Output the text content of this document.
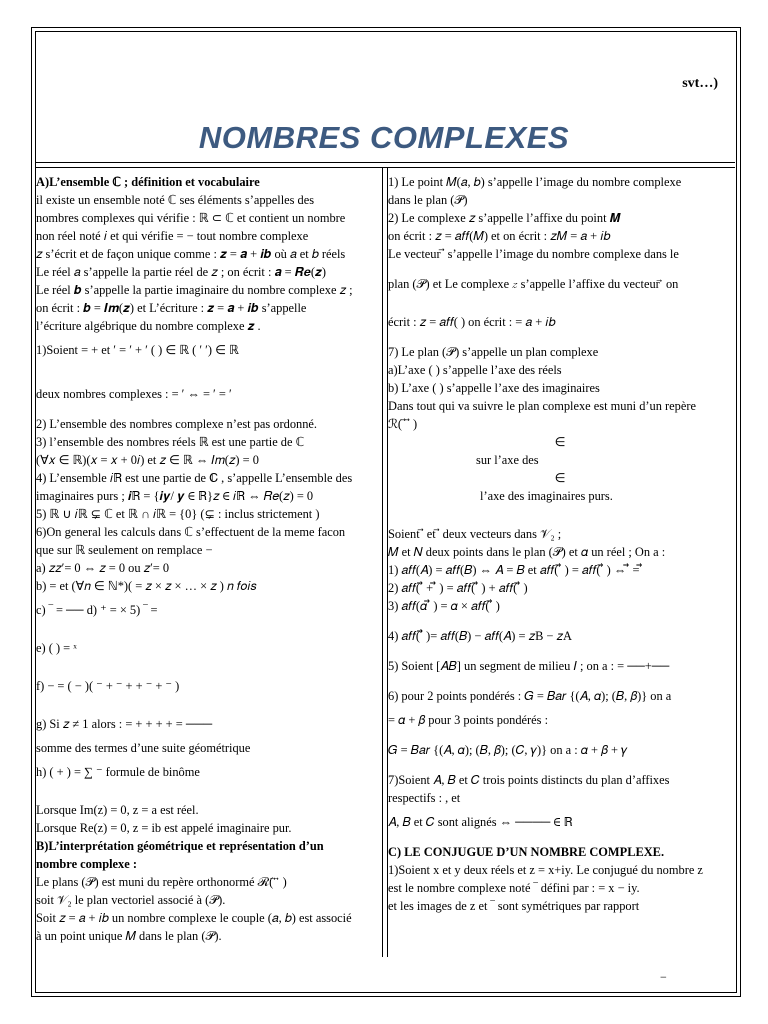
svt…)
NOMBRES COMPLEXES
A)L’ensemble ℂ ; définition et vocabulaire
il existe un ensemble noté ℂ ses éléments s’appelles des
nombres complexes qui vérifie : ℝ ⊂ ℂ et contient un nombre
non réel noté 𝑖 et qui vérifie = − tout nombre complexe
𝑧 s’écrit et de façon unique comme : 𝒛 = 𝒂 + 𝒊𝒃 où 𝑎 et 𝑏 réels
Le réel 𝑎 s’appelle la partie réel de 𝑧 ; on écrit : 𝒂 = 𝑹𝒆(𝒛)
Le réel 𝒃 s’appelle la partie imaginaire du nombre complexe 𝑧 ;
on écrit : 𝒃 = 𝑰𝒎(𝒛) et L’écriture : 𝒛 = 𝒂 + 𝒊𝒃 s’appelle
l’écriture algébrique du nombre complexe 𝒛 .
1)Soient = + et ′ = ′ + ′ ( ) ∈ ℝ ( ′ ′) ∈ ℝ
deux nombres complexes : = ′ ⇔ = ′ = ′
2) L’ensemble des nombres complexe n’est pas ordonné.
3) l’ensemble des nombres réels ℝ est une partie de ℂ
(∀𝑥 ∈ ℝ)(𝑥 = 𝑥 + 0𝑖) et 𝑧 ∈ ℝ ⇔ 𝐼𝑚(𝑧) = 0
4) L’ensemble 𝑖ℝ est une partie de ℂ , s’appelle L’ensemble des
imaginaires purs ; 𝒊ℝ = {𝒊𝒚/ 𝒚 ∈ ℝ}𝑧 ∈ 𝑖ℝ ⇔ 𝑅𝑒(𝑧) = 0
5) ℝ ∪ 𝑖ℝ ⊊ ℂ et ℝ ∩ 𝑖ℝ = {0} (⊊ : inclus strictement )
6)On general les calculs dans ℂ s’effectuent de la meme facon
que sur ℝ seulement on remplace −
a) 𝑧𝑧′= 0 ⇔ 𝑧 = 0 ou 𝑧′= 0
b) = et (∀𝑛 ∈ ℕ*)( = 𝑧 × 𝑧 × … × 𝑧 ) 𝑛 𝑓𝑜𝑖𝑠
c) ‾ = ── d) ⁺ = × 5) ‾ =
e) ( ) = ˣ
f) − = ( − )( ⁻ + ⁻ + + ⁻ + ⁻ )
g) Si 𝑧 ≠ 1 alors : = + + + + = ───
somme des termes d’une suite géométrique
h) ( + ) = ∑ ⁻ formule de binôme
Lorsque Im(z) = 0, z = a est réel.
Lorsque Re(z) = 0, z = ib est appelé imaginaire pur.
B)L’interprétation géométrique et représentation d’un
nombre complexe :
Le plans (𝒫) est muni du repère orthonormé ℛ( ⃗ ⃗ )
soit 𝒱₂ le plan vectoriel associé à (𝒫).
Soit 𝑧 = 𝑎 + 𝑖𝑏 un nombre complexe le couple (𝑎, 𝑏) est associé
à un point unique 𝑀 dans le plan (𝒫).
1) Le point 𝑀(𝑎, 𝑏) s’appelle l’image du nombre complexe
dans le plan (𝒫)
2) Le complexe 𝑧 s’appelle l’affixe du point 𝑴
on écrit : 𝑧 = 𝑎𝑓𝑓(𝑀) et on écrit : 𝑧𝑀 = 𝑎 + 𝑖𝑏
Le vecteur ⃗ s’appelle l’image du nombre complexe dans le
plan (𝒫) et Le complexe 𝑧 s’appelle l’affixe du vecteur ⃗ on
écrit : 𝑧 = 𝑎𝑓𝑓( ) on écrit : = 𝑎 + 𝑖𝑏
7) Le plan (𝒫) s’appelle un plan complexe
a)L’axe ( ) s’appelle l’axe des réels
b) L’axe ( ) s’appelle l’axe des imaginaires
Dans tout qui va suivre le plan complexe est muni d’un repère
ℛ( ⃗ ⃗ )
∈
sur l’axe des
∈
l’axe des imaginaires purs.
Soient ⃗ et ⃗ deux vecteurs dans 𝒱₂ ;
𝑀 et 𝑁 deux points dans le plan (𝒫) et 𝛼 un réel ; On a :
1) 𝑎𝑓𝑓(𝐴) = 𝑎𝑓𝑓(𝐵) ⇔ 𝐴 = 𝐵 et 𝑎𝑓𝑓( ⃗ ) = 𝑎𝑓𝑓( ⃗ ) ⇔ ⃗ = ⃗
2) 𝑎𝑓𝑓( ⃗ + ⃗ ) = 𝑎𝑓𝑓( ⃗ ) + 𝑎𝑓𝑓( ⃗ )
3) 𝑎𝑓𝑓(𝛼 ⃗ ) = 𝛼 × 𝑎𝑓𝑓( ⃗ )
4) 𝑎𝑓𝑓( ⃗⃗ )= 𝑎𝑓𝑓(𝐵) − 𝑎𝑓𝑓(𝐴) = 𝑧B − 𝑧A
5) Soient [𝐴𝐵] un segment de milieu 𝐼 ; on a : = ──+──
6) pour 2 points pondérés : 𝐺 = 𝐵𝑎𝑟 {(𝐴, 𝛼); (𝐵, 𝛽)} on a
= 𝛼 + 𝛽 pour 3 points pondérés :
𝐺 = 𝐵𝑎𝑟 {(𝐴, 𝛼); (𝐵, 𝛽); (𝐶, 𝛾)} on a : 𝛼 + 𝛽 + 𝛾
7)Soient 𝐴, 𝐵 et 𝐶 trois points distincts du plan d’affixes
respectifs : , et
𝐴, 𝐵 et 𝐶 sont alignés ⇔ ──── ∈ ℝ
C) LE CONJUGUE D’UN NOMBRE COMPLEXE.
1)Soient x et y deux réels et z = x+iy. Le conjugué du nombre z
est le nombre complexe noté ‾ défini par : = x − iy.
et les images de z et ‾ sont symétriques par rapport
−
